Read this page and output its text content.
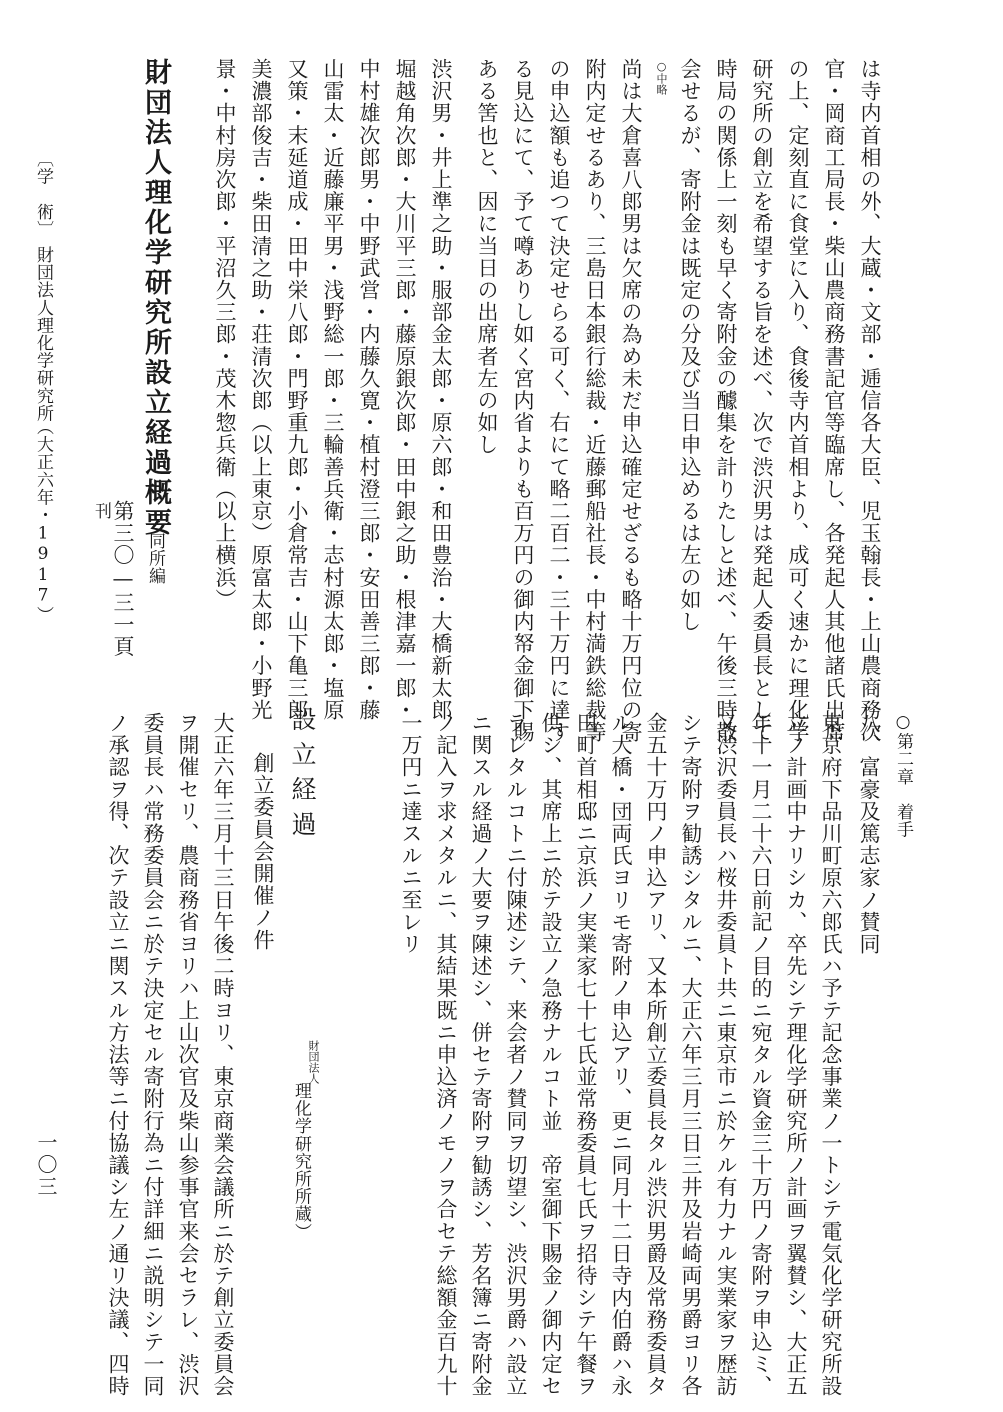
は寺内首相の外、大蔵・文部・逓信各大臣、児玉翰長・上山農商務次
官・岡商工局長・柴山農商務書記官等臨席し、各発起人其他諸氏出席
の上、定刻直に食堂に入り、食後寺内首相より、成可く速かに理化学
研究所の創立を希望する旨を述べ、次で渋沢男は発起人委員長として
時局の関係上一刻も早く寄附金の醵集を計りたしと述べ、午後三時散
会せるが、寄附金は既定の分及び当日申込めるは左の如し
○中略
尚は大倉喜八郎男は欠席の為め未だ申込確定せざるも略十万円位の寄
附内定せるあり、三島日本銀行総裁・近藤郵船社長・中村満鉄総裁等
の申込額も追つて決定せらる可く、右にて略二百二・三十万円に達す
る見込にて、予て噂ありし如く宮内省よりも百万円の御内帑金御下賜
ある筈也と、因に当日の出席者左の如し
渋沢男・井上準之助・服部金太郎・原六郎・和田豊治・大橋新太郎
堀越角次郎・大川平三郎・藤原銀次郎・田中銀之助・根津嘉一郎・
中村雄次郎男・中野武営・内藤久寛・植村澄三郎・安田善三郎・藤
山雷太・近藤廉平男・浅野総一郎・三輪善兵衛・志村源太郎・塩原
又策・末延道成・田中栄八郎・門野重九郎・小倉常吉・山下亀三郎
美濃部俊吉・柴田清之助・荘清次郎（以上東京）原富太郎・小野光
景・中村房次郎・平沼久三郎・茂木惣兵衛（以上横浜）
財団法人理化学研究所設立経過概要
同所編
第三〇—三一頁
刊
〔学　術〕
財団法人理化学研究所
（大正六年・1917）
○第二章　着手
八、富豪及篤志家ノ賛同
東京府下品川町原六郎氏ハ予テ記念事業ノ一トシテ電気化学研究所設
立ノ計画中ナリシカ、卒先シテ理化学研究所ノ計画ヲ翼賛シ、大正五
年十一月二十六日前記ノ目的ニ宛タル資金三十万円ノ寄附ヲ申込ミ、
又渋沢委員長ハ桜井委員ト共ニ東京市ニ於ケル有力ナル実業家ヲ歴訪
シテ寄附ヲ勧誘シタルニ、大正六年三月三日三井及岩崎両男爵ヨリ各
金五十万円ノ申込アリ、又本所創立委員長タル渋沢男爵及常務委員タ
ル大橋・団両氏ヨリモ寄附ノ申込アリ、更ニ同月十二日寺内伯爵ハ永
田町首相邸ニ京浜ノ実業家七十七氏並常務委員七氏ヲ招待シテ午餐ヲ
供シ、其席上ニ於テ設立ノ急務ナルコト並　帝室御下賜金ノ御内定セ
ラレタルコトニ付陳述シテ、来会者ノ賛同ヲ切望シ、渋沢男爵ハ設立
ニ関スル経過ノ大要ヲ陳述シ、併セテ寄附ヲ勧誘シ、芳名簿ニ寄附金
ノ記入ヲ求メタルニ、其結果既ニ申込済ノモノヲ合セテ総額金百九十
一万円ニ達スルニ至レリ
設立経過
財団法人
理化学研究所所蔵）
創立委員会開催ノ件
大正六年三月十三日午後二時ヨリ、東京商業会議所ニ於テ創立委員会
ヲ開催セリ、農商務省ヨリハ上山次官及柴山参事官来会セラレ、渋沢
委員長ハ常務委員会ニ於テ決定セル寄附行為ニ付詳細ニ説明シテ一同
ノ承認ヲ得、次テ設立ニ関スル方法等ニ付協議シ左ノ通リ決議、四時
一〇三
